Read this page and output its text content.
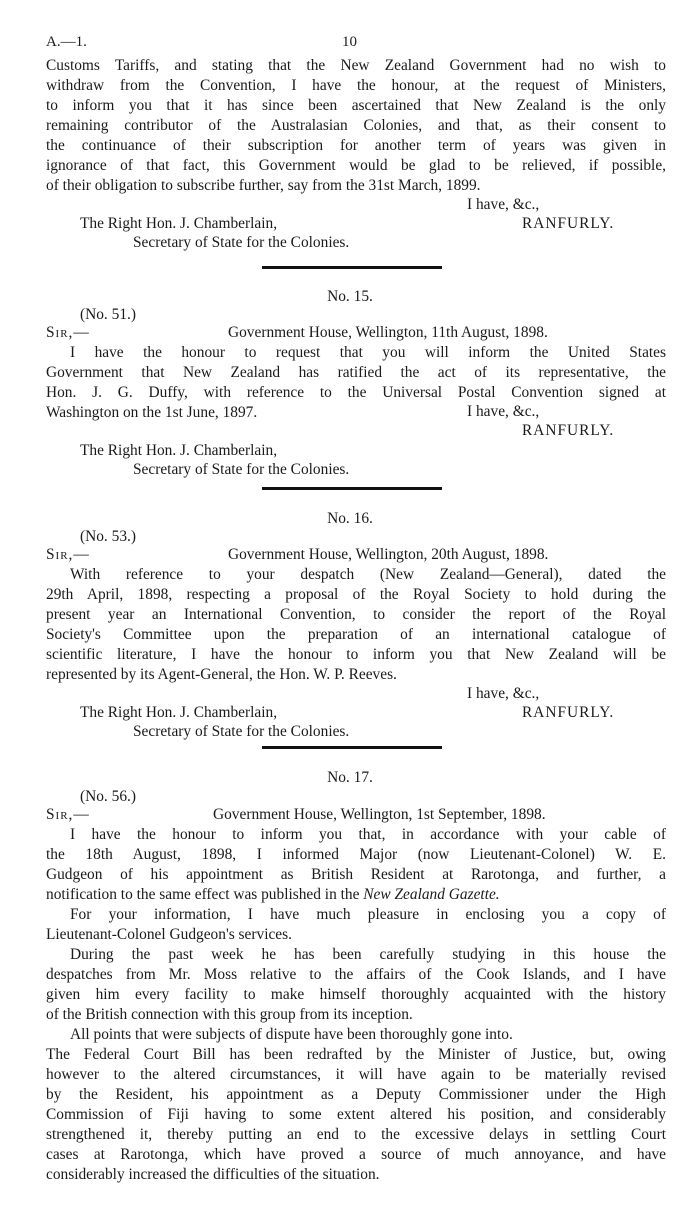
A.—1.	10
Customs Tariffs, and stating that the New Zealand Government had no wish to
withdraw from the Convention, I have the honour, at the request of Ministers,
to inform you that it has since been ascertained that New Zealand is the only
remaining contributor of the Australasian Colonies, and that, as their consent to
the continuance of their subscription for another term of years was given in
ignorance of that fact, this Government would be glad to be relieved, if possible,
of their obligation to subscribe further, say from the 31st March, 1899.
I have, &c.,
The Right Hon. J. Chamberlain,	RANFURLY.
Secretary of State for the Colonies.
No. 15.
(No. 51.)
Sir,—	Government House, Wellington, 11th August, 1898.
I have the honour to request that you will inform the United States
Government that New Zealand has ratified the act of its representative, the
Hon. J. G. Duffy, with reference to the Universal Postal Convention signed at
Washington on the 1st June, 1897.	I have, &c.,
RANFURLY.
The Right Hon. J. Chamberlain,
Secretary of State for the Colonies.
No. 16.
(No. 53.)
Sir,—	Government House, Wellington, 20th August, 1898.
With reference to your despatch (New Zealand—General), dated the
29th April, 1898, respecting a proposal of the Royal Society to hold during the
present year an International Convention, to consider the report of the Royal
Society's Committee upon the preparation of an international catalogue of
scientific literature, I have the honour to inform you that New Zealand will be
represented by its Agent-General, the Hon. W. P. Reeves.
I have, &c.,
The Right Hon. J. Chamberlain,	RANFURLY.
Secretary of State for the Colonies.
No. 17.
(No. 56.)
Sir,—	Government House, Wellington, 1st September, 1898.
I have the honour to inform you that, in accordance with your cable of
the 18th August, 1898, I informed Major (now Lieutenant-Colonel) W. E.
Gudgeon of his appointment as British Resident at Rarotonga, and further, a
notification to the same effect was published in the New Zealand Gazette.
For your information, I have much pleasure in enclosing you a copy of
Lieutenant-Colonel Gudgeon's services.
During the past week he has been carefully studying in this house the
despatches from Mr. Moss relative to the affairs of the Cook Islands, and I have
given him every facility to make himself thoroughly acquainted with the history
of the British connection with this group from its inception.
All points that were subjects of dispute have been thoroughly gone into.
The Federal Court Bill has been redrafted by the Minister of Justice, but, owing
however to the altered circumstances, it will have again to be materially revised
by the Resident, his appointment as a Deputy Commissioner under the High
Commission of Fiji having to some extent altered his position, and considerably
strengthened it, thereby putting an end to the excessive delays in settling Court
cases at Rarotonga, which have proved a source of much annoyance, and have
considerably increased the difficulties of the situation.
